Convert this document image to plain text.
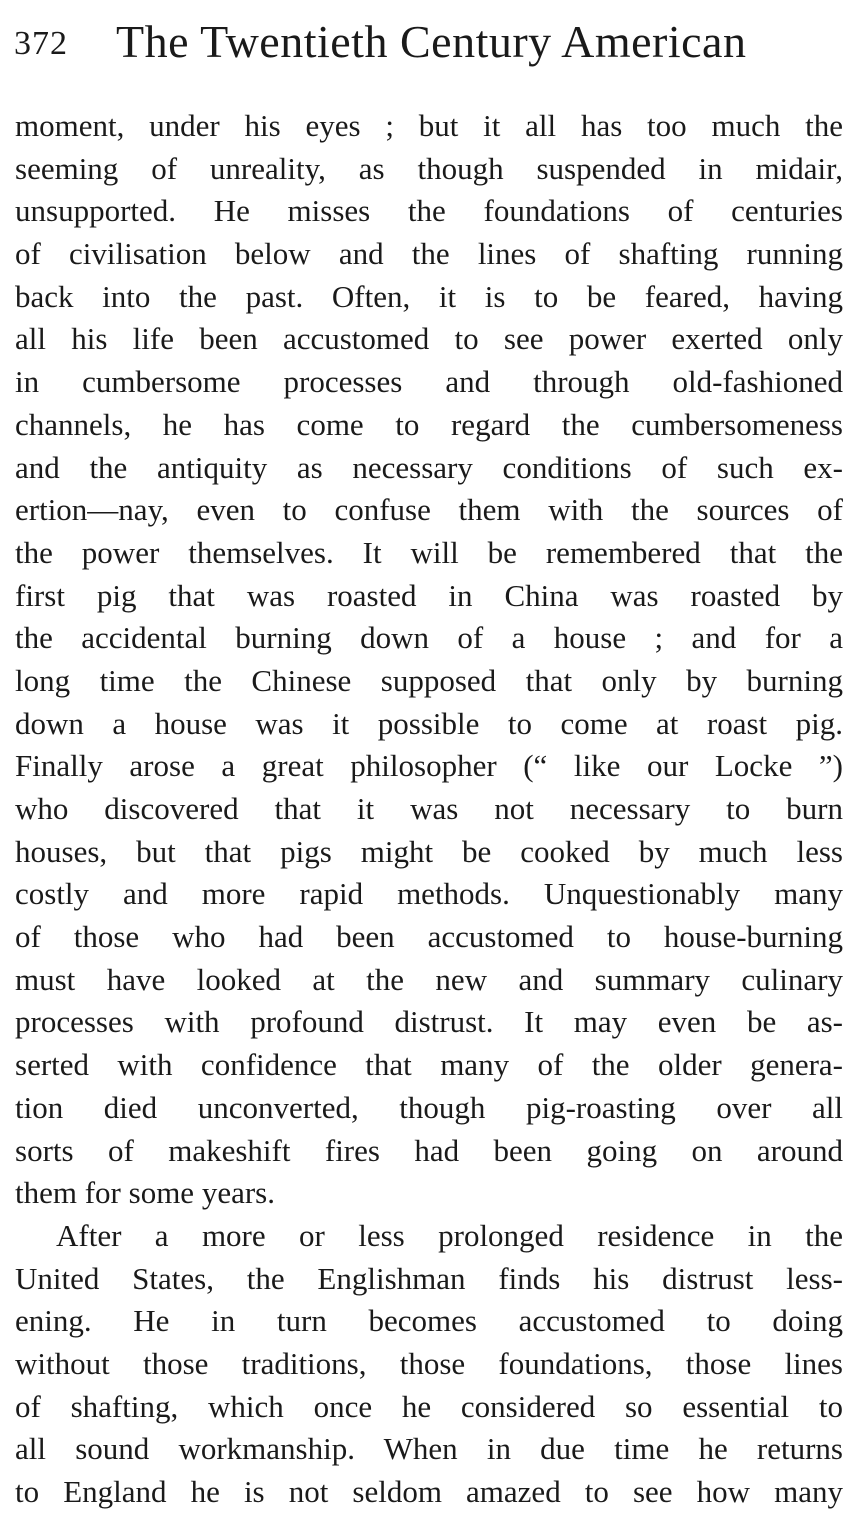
372 The Twentieth Century American
moment, under his eyes ; but it all has too much the
seeming of unreality, as though suspended in midair,
unsupported. He misses the foundations of centuries
of civilisation below and the lines of shafting running
back into the past. Often, it is to be feared, having
all his life been accustomed to see power exerted only
in cumbersome processes and through old-fashioned
channels, he has come to regard the cumbersomeness
and the antiquity as necessary conditions of such ex-
ertion—nay, even to confuse them with the sources of
the power themselves. It will be remembered that the
first pig that was roasted in China was roasted by
the accidental burning down of a house ; and for a
long time the Chinese supposed that only by burning
down a house was it possible to come at roast pig.
Finally arose a great philosopher (“ like our Locke ”)
who discovered that it was not necessary to burn
houses, but that pigs might be cooked by much less
costly and more rapid methods. Unquestionably many
of those who had been accustomed to house-burning
must have looked at the new and summary culinary
processes with profound distrust. It may even be as-
serted with confidence that many of the older genera-
tion died unconverted, though pig-roasting over all
sorts of makeshift fires had been going on around
them for some years.
After a more or less prolonged residence in the
United States, the Englishman finds his distrust less-
ening. He in turn becomes accustomed to doing
without those traditions, those foundations, those lines
of shafting, which once he considered so essential to
all sound workmanship. When in due time he returns
to England he is not seldom amazed to see how many
